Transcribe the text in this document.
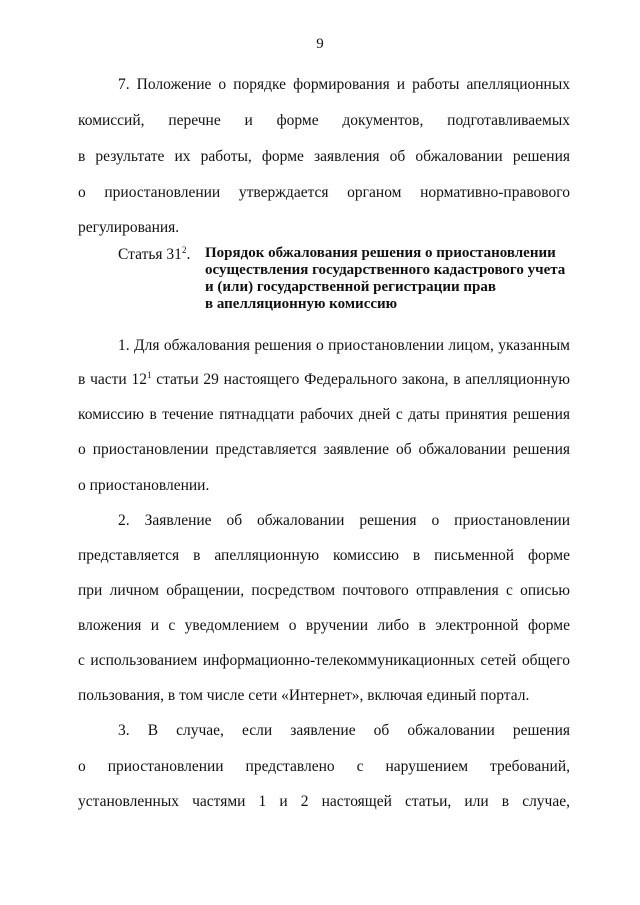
9
7. Положение о порядке формирования и работы апелляционных
комиссий, перечне и форме документов, подготавливаемых
в результате их работы, форме заявления об обжаловании решения
о приостановлении утверждается органом нормативно-правового
регулирования.
Статья $31^2$. Порядок обжалования решения о приостановлении
осуществления государственного кадастрового учета
и (или) государственной регистрации прав
в апелляционную комиссию
1. Для обжалования решения о приостановлении лицом, указанным
в части $12^1$ статьи 29 настоящего Федерального закона, в апелляционную
комиссию в течение пятнадцати рабочих дней с даты принятия решения
о приостановлении представляется заявление об обжаловании решения
о приостановлении.
2. Заявление об обжаловании решения о приостановлении
представляется в апелляционную комиссию в письменной форме
при личном обращении, посредством почтового отправления с описью
вложения и с уведомлением о вручении либо в электронной форме
с использованием информационно-телекоммуникационных сетей общего
пользования, в том числе сети «Интернет», включая единый портал.
3. В случае, если заявление об обжаловании решения
о приостановлении представлено с нарушением требований,
установленных частями 1 и 2 настоящей статьи, или в случае,
